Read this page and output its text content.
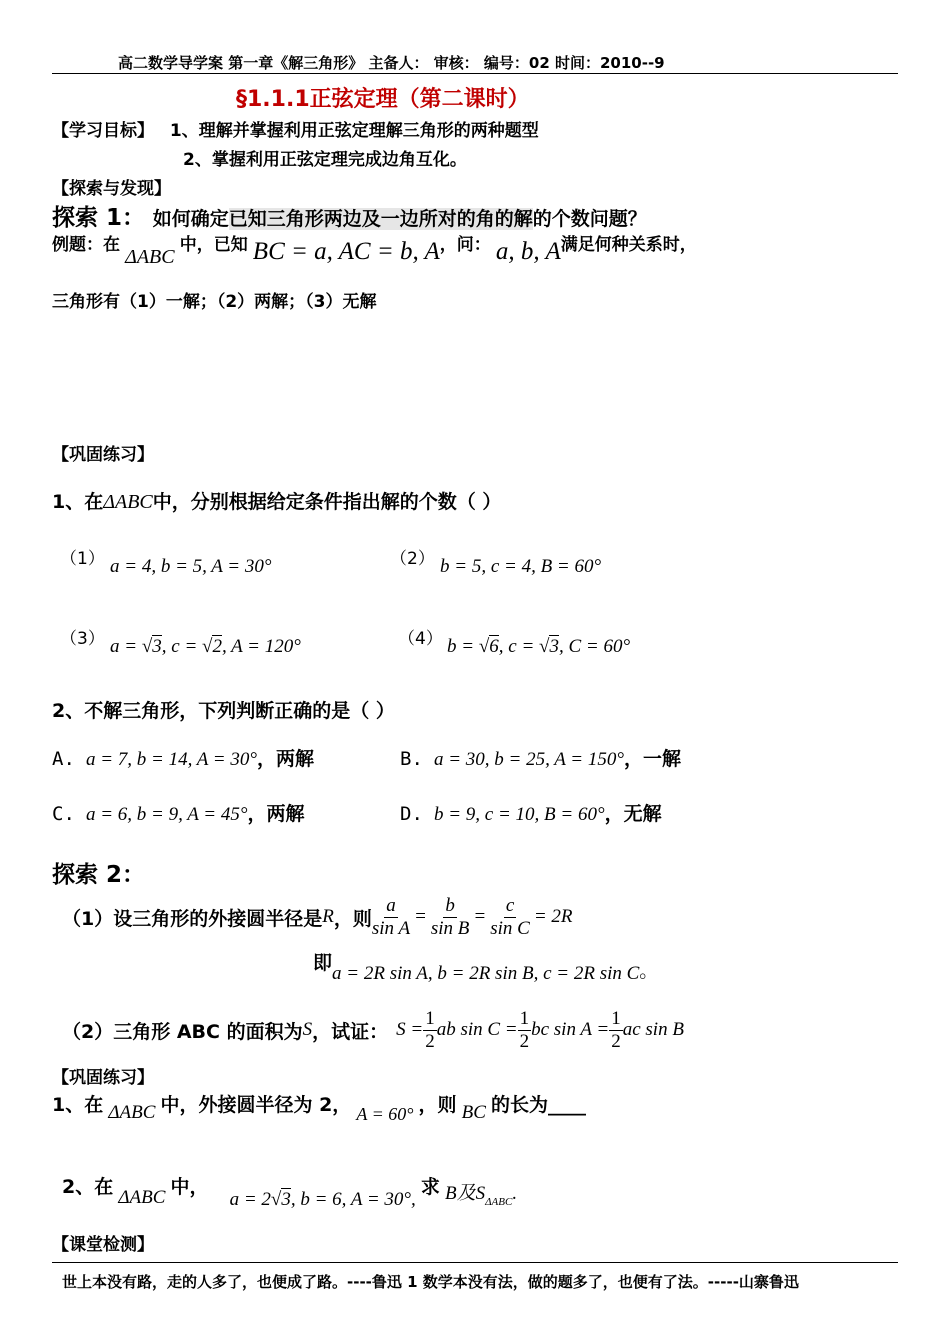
高二数学导学案 第一章《解三角形》 主备人： 审核： 编号：02 时间：2010--9
§1.1.1正弦定理（第二课时）
【学习目标】 1、理解并掌握利用正弦定理解三角形的两种题型
2、掌握利用正弦定理完成边角互化。
【探索与发现】
探索 1： 如何确定已知三角形两边及一边所对的角的解的个数问题？
例题：在 ΔABC 中，已知 BC = a, AC = b, A，问： a, b, A满足何种关系时，
三角形有（1）一解；（2）两解；（3）无解
【巩固练习】
1、在ΔABC中，分别根据给定条件指出解的个数（ ）
（1） a = 4, b = 5, A = 30°	（2） b = 5, c = 4, B = 60°
（3） a = √3, c = √2, A = 120°	（4） b = √6, c = √3, C = 60°
2、不解三角形，下列判断正确的是（ ）
A. a = 7, b = 14, A = 30°，两解	B. a = 30, b = 25, A = 150°，一解
C. a = 6, b = 9, A = 45°，两解	D. b = 9, c = 10, B = 60°，无解
探索 2：
（1）设三角形的外接圆半径是 R ，则 $\frac{a}{\text{sin A}} = \frac{b}{\text{sin B}} = \frac{c}{\text{sin C}} = 2R$
即a = 2R sin A, b = 2R sin B, c = 2R sin C。
（2）三角形 ABC 的面积为 S ，试证： $S = \frac{1}{2}$ ab $\sin C = \frac{1}{2}$ bc $\sin A = \frac{1}{2}$ ac sin B
【巩固练习】
1、在 ΔABC 中，外接圆半径为 2， A = 60° ，则 BC 的长为____
2、在 ΔABC 中， a = 2√3, b = 6, A = 30°, 求 B及$S_{\Delta ABC}$.
【课堂检测】
世上本没有路，走的人多了，也便成了路。----鲁迅 1 数学本没有法，做的题多了，也便有了法。-----山寨鲁迅
